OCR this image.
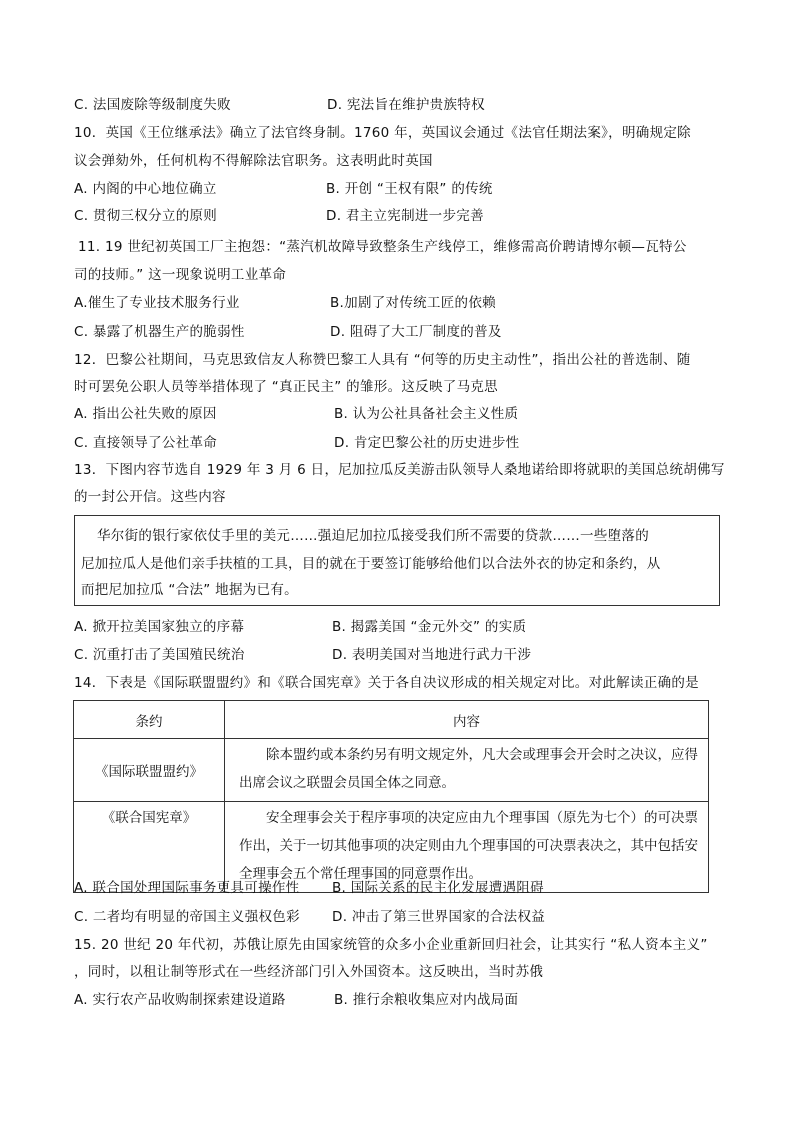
C. 法国废除等级制度失败	D. 宪法旨在维护贵族特权
10．英国《王位继承法》确立了法官终身制。1760 年，英国议会通过《法官任期法案》，明确规定除
议会弹劾外，任何机构不得解除法官职务。这表明此时英国
A. 内阁的中心地位确立	B. 开创 “王权有限” 的传统
C. 贯彻三权分立的原则	D. 君主立宪制进一步完善
11. 19 世纪初英国工厂主抱怨：“蒸汽机故障导致整条生产线停工，维修需高价聘请博尔顿—瓦特公
司的技师。” 这一现象说明工业革命
A.催生了专业技术服务行业	B.加剧了对传统工匠的依赖
C. 暴露了机器生产的脆弱性	D. 阻碍了大工厂制度的普及
12．巴黎公社期间，马克思致信友人称赞巴黎工人具有 “何等的历史主动性”，指出公社的普选制、随
时可罢免公职人员等举措体现了 “真正民主” 的雏形。这反映了马克思
A. 指出公社失败的原因	B. 认为公社具备社会主义性质
C. 直接领导了公社革命	D. 肯定巴黎公社的历史进步性
13．下图内容节选自 1929 年 3 月 6 日，尼加拉瓜反美游击队领导人桑地诺给即将就职的美国总统胡佛写
的一封公开信。这些内容
华尔街的银行家依仗手里的美元……强迫尼加拉瓜接受我们所不需要的贷款……一些堕落的
尼加拉瓜人是他们亲手扶植的工具，目的就在于要签订能够给他们以合法外衣的协定和条约，从
而把尼加拉瓜 “合法” 地据为已有。
A. 掀开拉美国家独立的序幕	B. 揭露美国 “金元外交” 的实质
C. 沉重打击了美国殖民统治	D. 表明美国对当地进行武力干涉
14．下表是《国际联盟盟约》和《联合国宪章》关于各自决议形成的相关规定对比。对此解读正确的是
条约	内容
《国际联盟盟约》	除本盟约或本条约另有明文规定外，凡大会或理事会开会时之决议，应得出席会议之联盟会员国全体之同意。
《联合国宪章》	安全理事会关于程序事项的决定应由九个理事国（原先为七个）的可决票作出，关于一切其他事项的决定则由九个理事国的可决票表决之，其中包括安全理事会五个常任理事国的同意票作出。
A. 联合国处理国际事务更具可操作性 B. 国际关系的民主化发展遭遇阻碍
C. 二者均有明显的帝国主义强权色彩 D. 冲击了第三世界国家的合法权益
15. 20 世纪 20 年代初，苏俄让原先由国家统管的众多小企业重新回归社会，让其实行 “私人资本主义”
，同时，以租让制等形式在一些经济部门引入外国资本。这反映出，当时苏俄
A. 实行农产品收购制探索建设道路	B. 推行余粮收集应对内战局面
